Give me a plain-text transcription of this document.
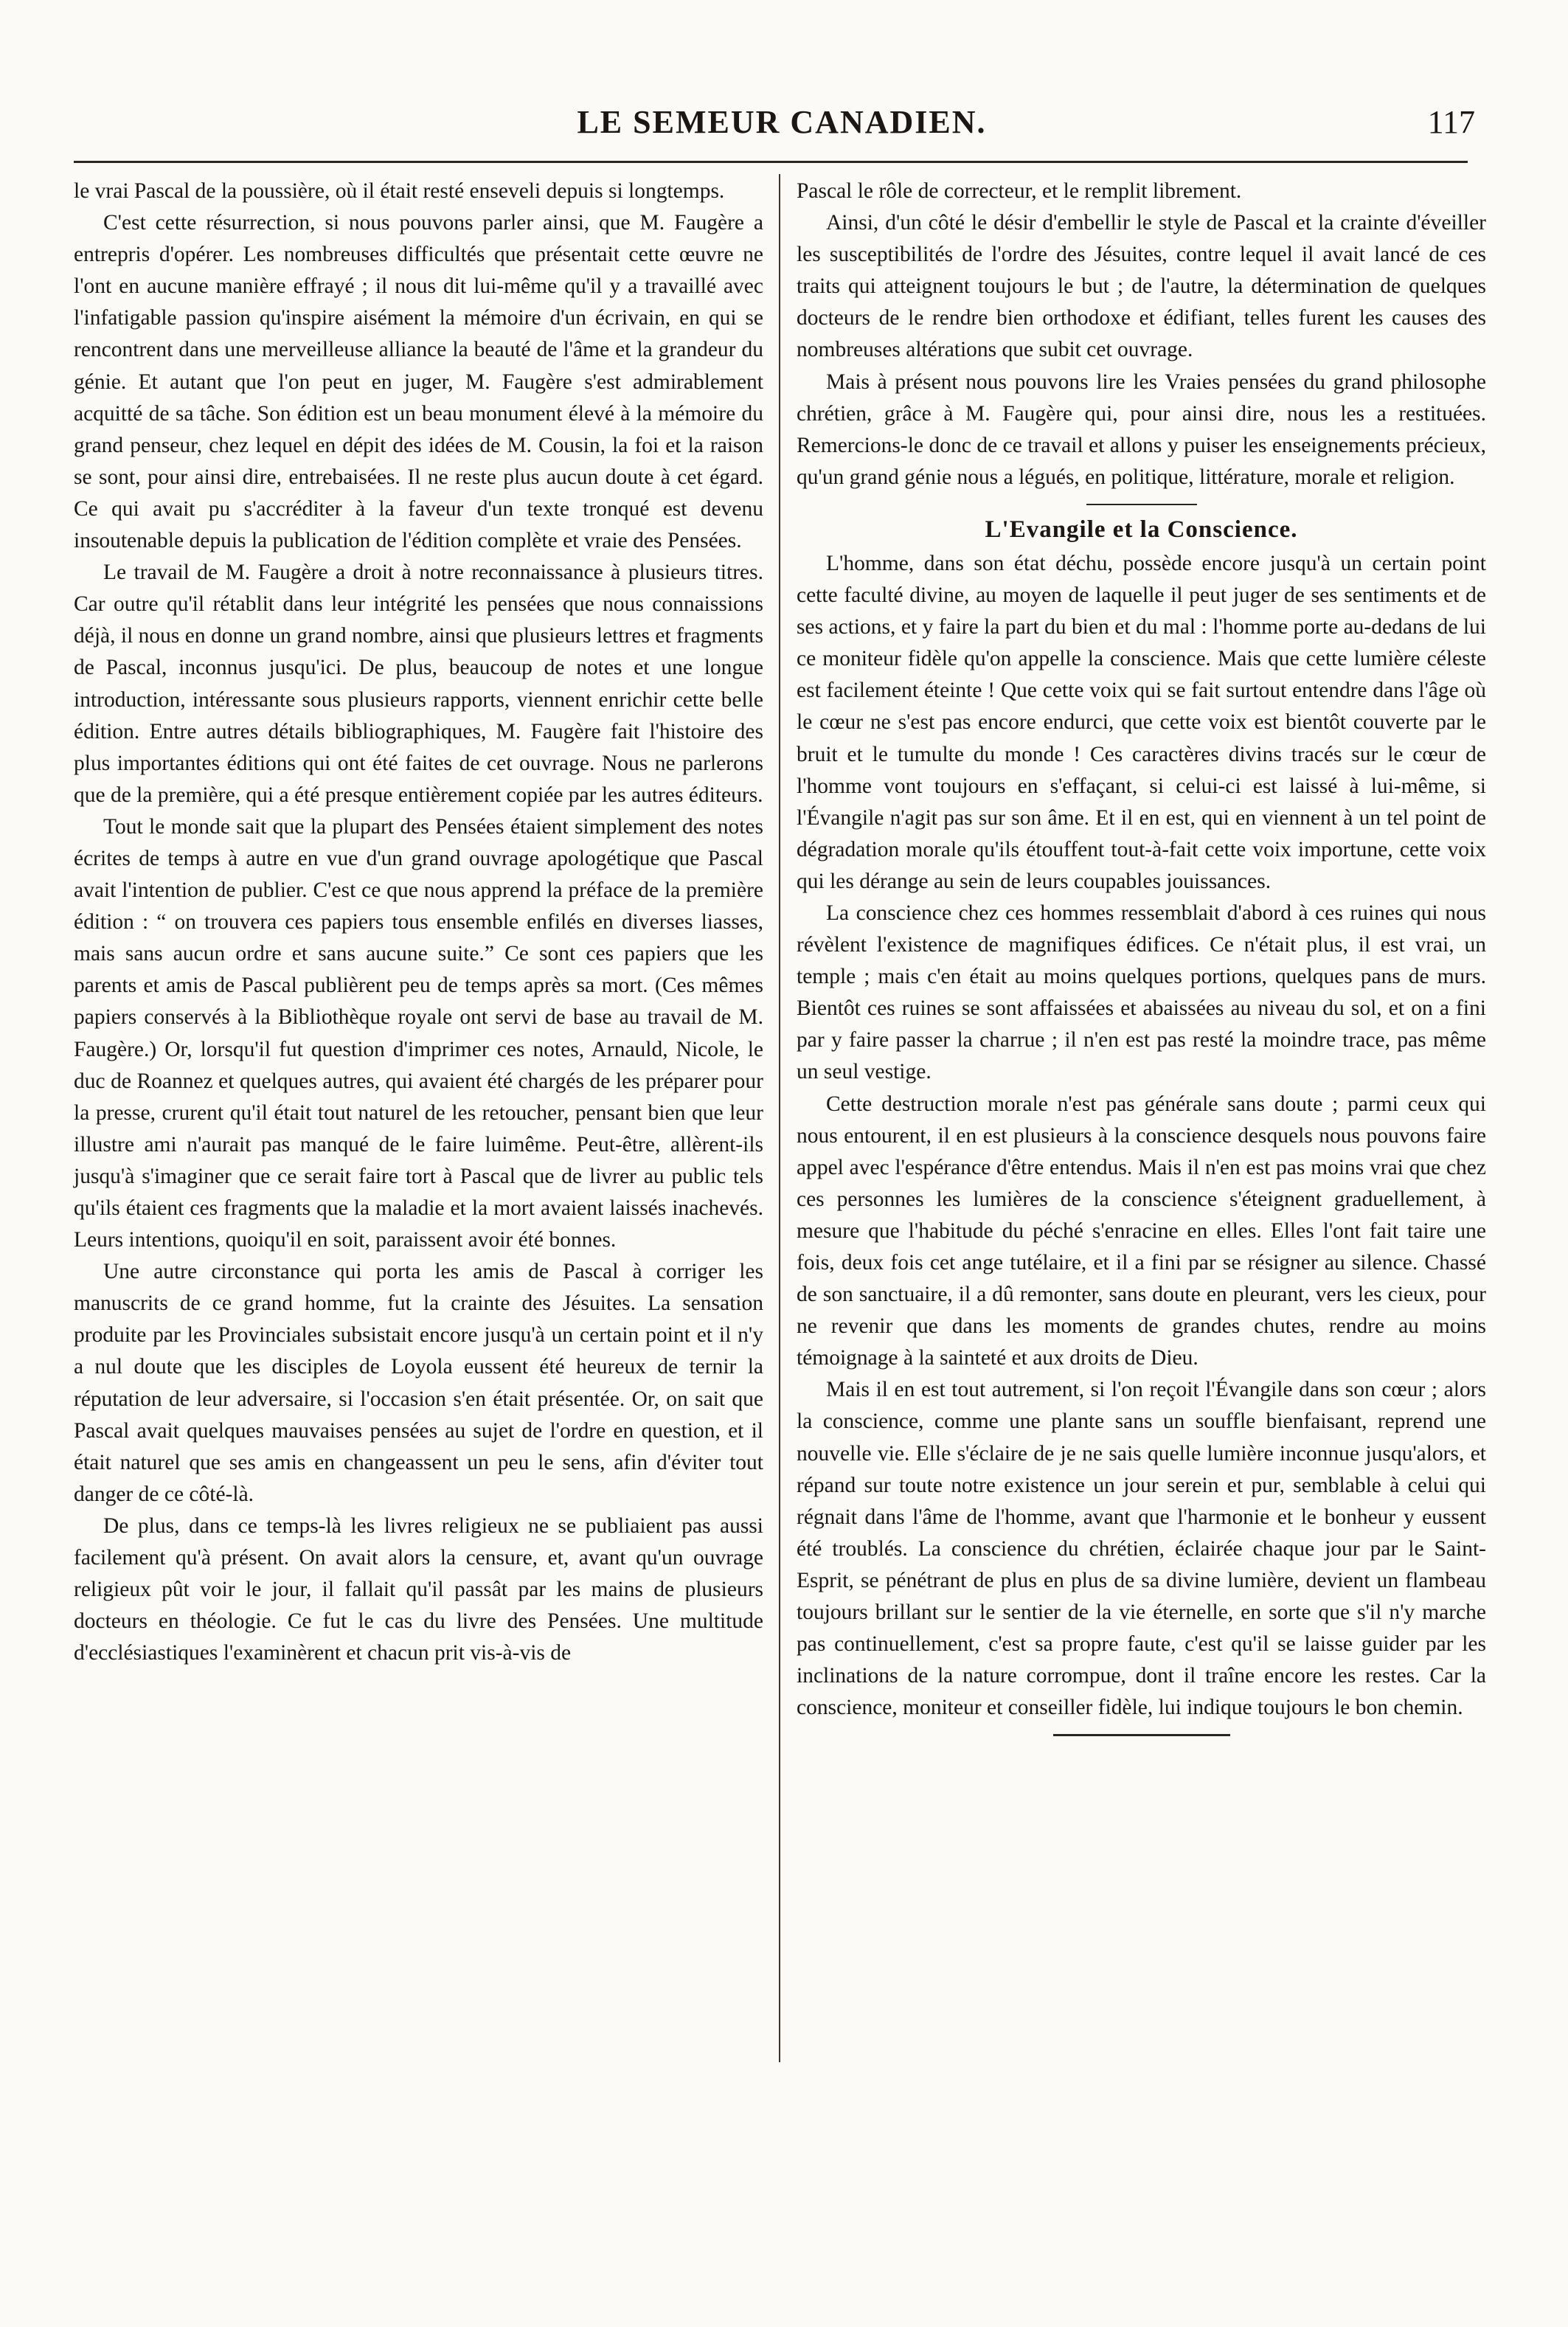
LE SEMEUR CANADIEN.	117

le vrai Pascal de la poussière, où il était resté enseveli depuis si longtemps.

C'est cette résurrection, si nous pouvons parler ainsi, que M. Faugère a entrepris d'opérer. Les nombreuses difficultés que présentait cette œuvre ne l'ont en aucune manière effrayé ; il nous dit lui-même qu'il y a travaillé avec l'infatigable passion qu'inspire aisément la mémoire d'un écrivain, en qui se rencontrent dans une merveilleuse alliance la beauté de l'âme et la grandeur du génie. Et autant que l'on peut en juger, M. Faugère s'est admirablement acquitté de sa tâche. Son édition est un beau monument élevé à la mémoire du grand penseur, chez lequel en dépit des idées de M. Cousin, la foi et la raison se sont, pour ainsi dire, entrebaisées. Il ne reste plus aucun doute à cet égard. Ce qui avait pu s'accréditer à la faveur d'un texte tronqué est devenu insoutenable depuis la publication de l'édition complète et vraie des Pensées.

Le travail de M. Faugère a droit à notre reconnaissance à plusieurs titres. Car outre qu'il rétablit dans leur intégrité les pensées que nous connaissions déjà, il nous en donne un grand nombre, ainsi que plusieurs lettres et fragments de Pascal, inconnus jusqu'ici. De plus, beaucoup de notes et une longue introduction, intéressante sous plusieurs rapports, viennent enrichir cette belle édition. Entre autres détails bibliographiques, M. Faugère fait l'histoire des plus importantes éditions qui ont été faites de cet ouvrage. Nous ne parlerons que de la première, qui a été presque entièrement copiée par les autres éditeurs.

Tout le monde sait que la plupart des Pensées étaient simplement des notes écrites de temps à autre en vue d'un grand ouvrage apologétique que Pascal avait l'intention de publier. C'est ce que nous apprend la préface de la première édition : “ on trouvera ces papiers tous ensemble enfilés en diverses liasses, mais sans aucun ordre et sans aucune suite.” Ce sont ces papiers que les parents et amis de Pascal publièrent peu de temps après sa mort. (Ces mêmes papiers conservés à la Bibliothèque royale ont servi de base au travail de M. Faugère.) Or, lorsqu'il fut question d'imprimer ces notes, Arnauld, Nicole, le duc de Roannez et quelques autres, qui avaient été chargés de les préparer pour la presse, crurent qu'il était tout naturel de les retoucher, pensant bien que leur illustre ami n'aurait pas manqué de le faire luimême. Peut-être, allèrent-ils jusqu'à s'imaginer que ce serait faire tort à Pascal que de livrer au public tels qu'ils étaient ces fragments que la maladie et la mort avaient laissés inachevés. Leurs intentions, quoiqu'il en soit, paraissent avoir été bonnes.

Une autre circonstance qui porta les amis de Pascal à corriger les manuscrits de ce grand homme, fut la crainte des Jésuites. La sensation produite par les Provinciales subsistait encore jusqu'à un certain point et il n'y a nul doute que les disciples de Loyola eussent été heureux de ternir la réputation de leur adversaire, si l'occasion s'en était présentée. Or, on sait que Pascal avait quelques mauvaises pensées au sujet de l'ordre en question, et il était naturel que ses amis en changeassent un peu le sens, afin d'éviter tout danger de ce côté-là.

De plus, dans ce temps-là les livres religieux ne se publiaient pas aussi facilement qu'à présent. On avait alors la censure, et, avant qu'un ouvrage religieux pût voir le jour, il fallait qu'il passât par les mains de plusieurs docteurs en théologie. Ce fut le cas du livre des Pensées. Une multitude d'ecclésiastiques l'examinèrent et chacun prit vis-à-vis de

Pascal le rôle de correcteur, et le remplit librement.

Ainsi, d'un côté le désir d'embellir le style de Pascal et la crainte d'éveiller les susceptibilités de l'ordre des Jésuites, contre lequel il avait lancé de ces traits qui atteignent toujours le but ; de l'autre, la détermination de quelques docteurs de le rendre bien orthodoxe et édifiant, telles furent les causes des nombreuses altérations que subit cet ouvrage.

Mais à présent nous pouvons lire les Vraies pensées du grand philosophe chrétien, grâce à M. Faugère qui, pour ainsi dire, nous les a restituées. Remercions-le donc de ce travail et allons y puiser les enseignements précieux, qu'un grand génie nous a légués, en politique, littérature, morale et religion.

L'Evangile et la Conscience.

L'homme, dans son état déchu, possède encore jusqu'à un certain point cette faculté divine, au moyen de laquelle il peut juger de ses sentiments et de ses actions, et y faire la part du bien et du mal : l'homme porte au-dedans de lui ce moniteur fidèle qu'on appelle la conscience. Mais que cette lumière céleste est facilement éteinte ! Que cette voix qui se fait surtout entendre dans l'âge où le cœur ne s'est pas encore endurci, que cette voix est bientôt couverte par le bruit et le tumulte du monde ! Ces caractères divins tracés sur le cœur de l'homme vont toujours en s'effaçant, si celui-ci est laissé à lui-même, si l'Évangile n'agit pas sur son âme. Et il en est, qui en viennent à un tel point de dégradation morale qu'ils étouffent tout-à-fait cette voix importune, cette voix qui les dérange au sein de leurs coupables jouissances.

La conscience chez ces hommes ressemblait d'abord à ces ruines qui nous révèlent l'existence de magnifiques édifices. Ce n'était plus, il est vrai, un temple ; mais c'en était au moins quelques portions, quelques pans de murs. Bientôt ces ruines se sont affaissées et abaissées au niveau du sol, et on a fini par y faire passer la charrue ; il n'en est pas resté la moindre trace, pas même un seul vestige.

Cette destruction morale n'est pas générale sans doute ; parmi ceux qui nous entourent, il en est plusieurs à la conscience desquels nous pouvons faire appel avec l'espérance d'être entendus. Mais il n'en est pas moins vrai que chez ces personnes les lumières de la conscience s'éteignent graduellement, à mesure que l'habitude du péché s'enracine en elles. Elles l'ont fait taire une fois, deux fois cet ange tutélaire, et il a fini par se résigner au silence. Chassé de son sanctuaire, il a dû remonter, sans doute en pleurant, vers les cieux, pour ne revenir que dans les moments de grandes chutes, rendre au moins témoignage à la sainteté et aux droits de Dieu.

Mais il en est tout autrement, si l'on reçoit l'Évangile dans son cœur ; alors la conscience, comme une plante sans un souffle bienfaisant, reprend une nouvelle vie. Elle s'éclaire de je ne sais quelle lumière inconnue jusqu'alors, et répand sur toute notre existence un jour serein et pur, semblable à celui qui régnait dans l'âme de l'homme, avant que l'harmonie et le bonheur y eussent été troublés. La conscience du chrétien, éclairée chaque jour par le Saint-Esprit, se pénétrant de plus en plus de sa divine lumière, devient un flambeau toujours brillant sur le sentier de la vie éternelle, en sorte que s'il n'y marche pas continuellement, c'est sa propre faute, c'est qu'il se laisse guider par les inclinations de la nature corrompue, dont il traîne encore les restes. Car la conscience, moniteur et conseiller fidèle, lui indique toujours le bon chemin.
